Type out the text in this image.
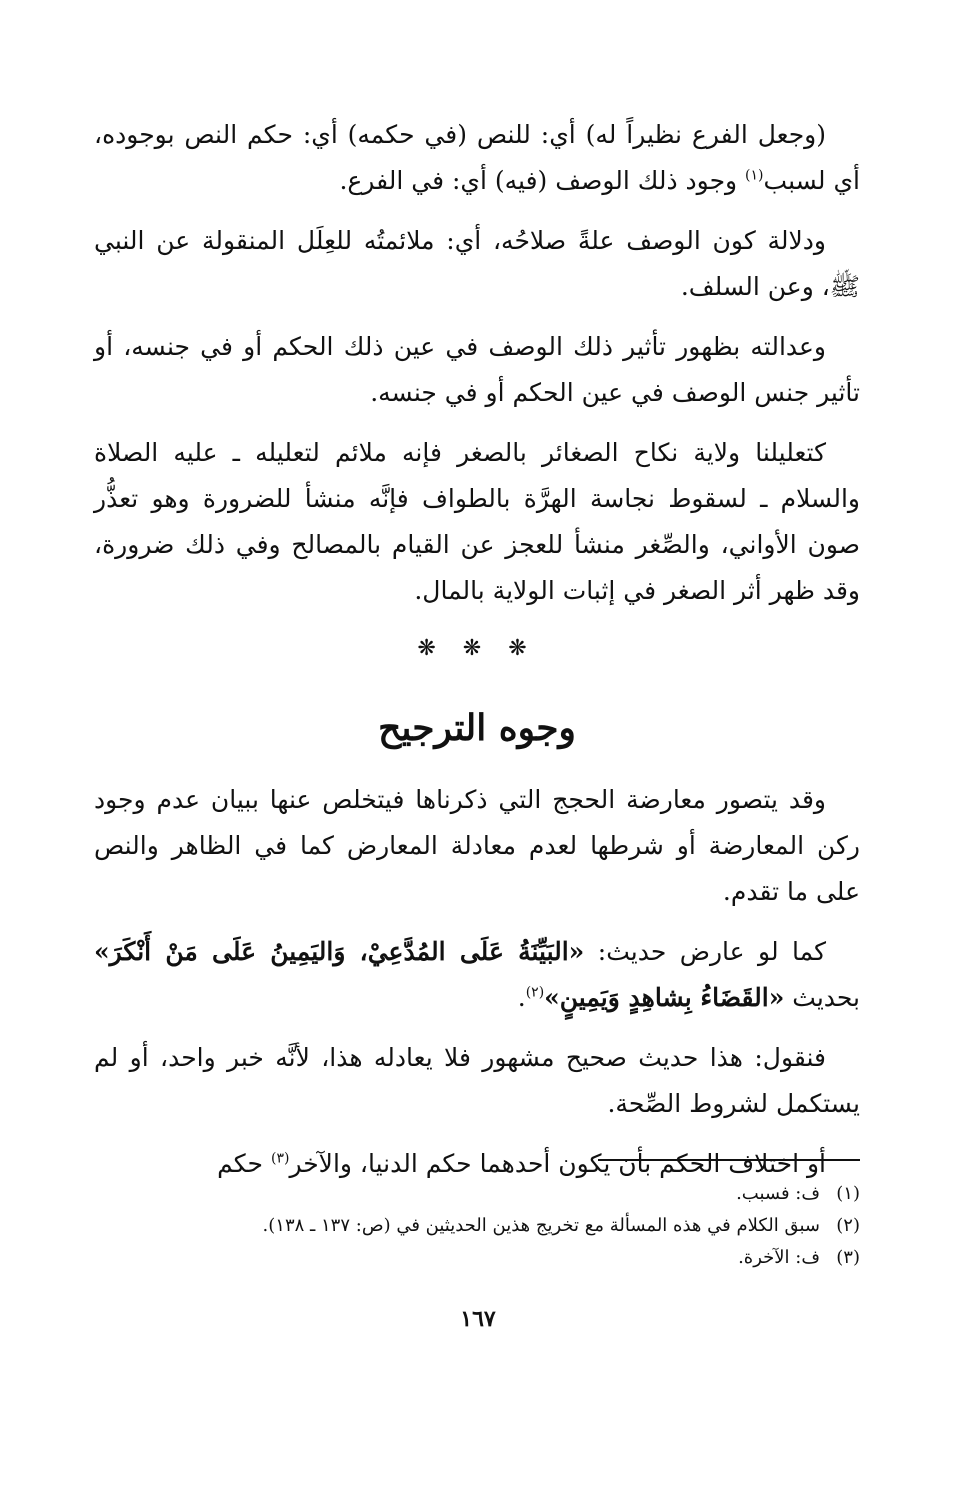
(وجعل الفرع نظيراً له) أي: للنص (في حكمه) أي: حكم النص بوجوده، أي لسبب$^{(١)}$ وجود ذلك الوصف (فيه) أي: في الفرع.

ودلالة كون الوصف علةً صلاحُه، أي: ملائمتُه للعِلَل المنقولة عن النبي ﷺ، وعن السلف.

وعدالته بظهور تأثير ذلك الوصف في عين ذلك الحكم أو في جنسه، أو تأثير جنس الوصف في عين الحكم أو في جنسه.

كتعليلنا ولاية نكاح الصغائر بالصغر فإنه ملائم لتعليله ـ عليه الصلاة والسلام ـ لسقوط نجاسة الهرَّة بالطواف فإنَّه منشأ للضرورة وهو تعذُّر صون الأواني، والصِّغر منشأ للعجز عن القيام بالمصالح وفي ذلك ضرورة، وقد ظهر أثر الصغر في إثبات الولاية بالمال.

❋ ❋ ❋
وجوه الترجيح

وقد يتصور معارضة الحجج التي ذكرناها فيتخلص عنها ببيان عدم وجود ركن المعارضة أو شرطها لعدم معادلة المعارض كما في الظاهر والنص على ما تقدم.

كما لو عارض حديث: «البَيِّنَةُ عَلَى المُدَّعِيْ، وَاليَمِينُ عَلَى مَنْ أَنْكَرَ» بحديث «القَضَاءُ بِشاهِدٍ وَيَمِينٍ»$^{(٢)}$.

فنقول: هذا حديث صحيح مشهور فلا يعادله هذا، لأنَّه خبر واحد، أو لم يستكمل لشروط الصِّحة.

أو اختلاف الحكم بأن يكون أحدهما حكم الدنيا، والآخر$^{(٣)}$ حكم

(١)ف: فسبب.

(٢)سبق الكلام في هذه المسألة مع تخريج هذين الحديثين في (ص: ١٣٧ ـ ١٣٨).

(٣)ف: الآخرة.

١٦٧
